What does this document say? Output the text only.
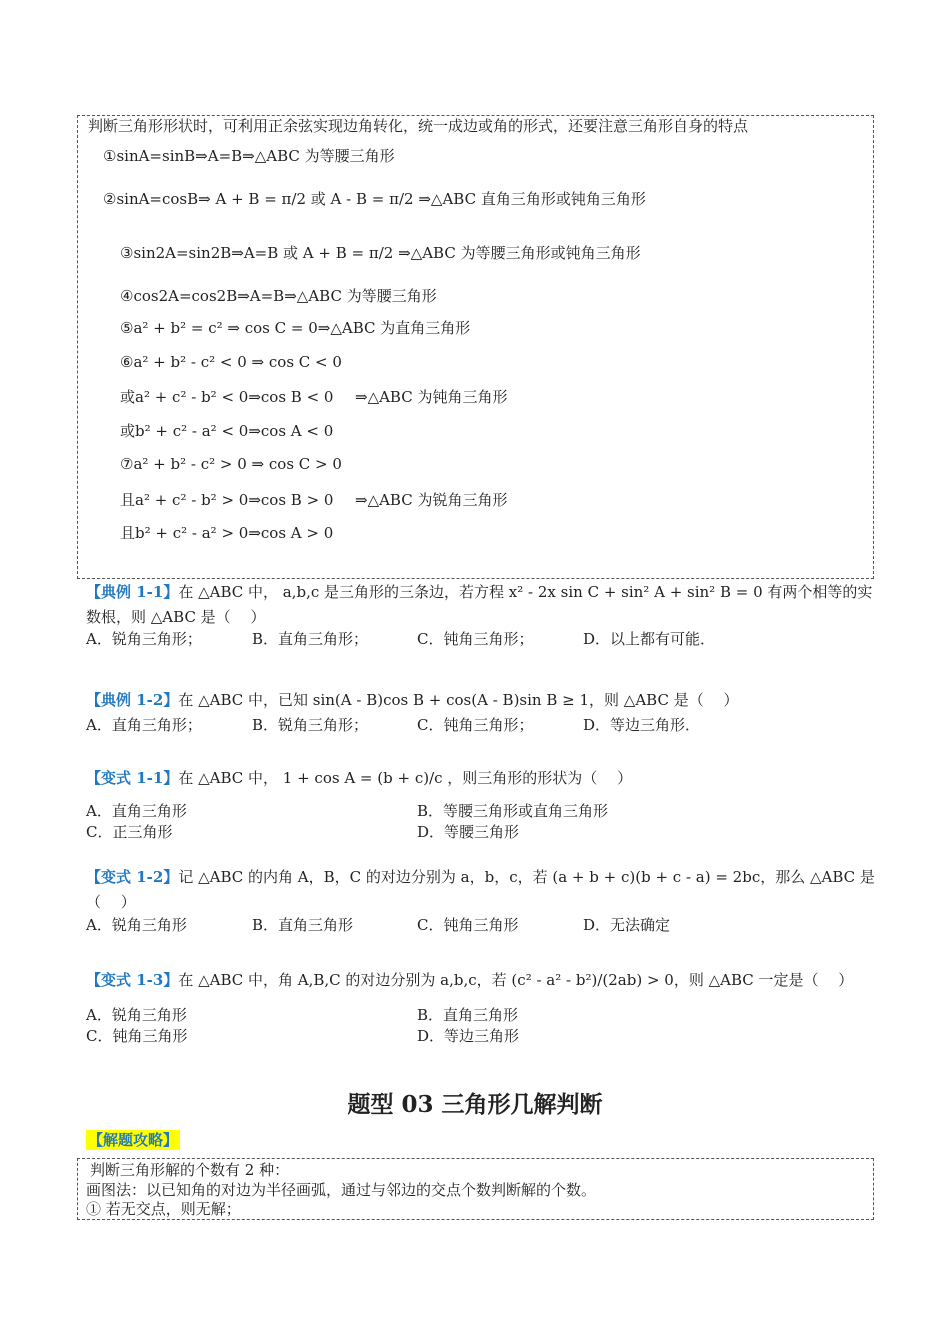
判断三角形形状时，可利用正余弦实现边角转化，统一成边或角的形式，还要注意三角形自身的特点
①sinA=sinB⇒A=B⇒△ABC 为等腰三角形
②sinA=cosB⇒ A + B = π/2 或 A - B = π/2 ⇒△ABC 直角三角形或钝角三角形
③sin2A=sin2B⇒A=B 或 A + B = π/2 ⇒△ABC 为等腰三角形或钝角三角形
④cos2A=cos2B⇒A=B⇒△ABC 为等腰三角形
⑤a² + b² = c² ⇒ cos C = 0⇒△ABC 为直角三角形
⑥a² + b² - c² < 0 ⇒ cos C < 0
或a² + c² - b² < 0⇒cos B < 0 ⇒△ABC 为钝角三角形
或b² + c² - a² < 0⇒cos A < 0
⑦a² + b² - c² > 0 ⇒ cos C > 0
且a² + c² - b² > 0⇒cos B > 0 ⇒△ABC 为锐角三角形
且b² + c² - a² > 0⇒cos A > 0
【典例 1-1】在 △ABC 中， a,b,c 是三角形的三条边，若方程 x² - 2x sin C + sin² A + sin² B = 0 有两个相等的实
数根，则 △ABC 是（　 ）
A．锐角三角形；	B．直角三角形；	C．钝角三角形；	D．以上都有可能．
【典例 1-2】在 △ABC 中，已知 sin(A - B)cos B + cos(A - B)sin B ≥ 1，则 △ABC 是（　 ）
A．直角三角形；	B．锐角三角形；	C．钝角三角形；	D．等边三角形．
【变式 1-1】在 △ABC 中， 1 + cos A = (b + c)/c ，则三角形的形状为（　 ）
A．直角三角形	B．等腰三角形或直角三角形
C．正三角形	D．等腰三角形
【变式 1-2】记 △ABC 的内角 A，B，C 的对边分别为 a，b，c，若 (a + b + c)(b + c - a) = 2bc，那么 △ABC 是
（　 ）
A．锐角三角形	B．直角三角形	C．钝角三角形	D．无法确定
【变式 1-3】在 △ABC 中，角 A,B,C 的对边分别为 a,b,c，若 (c² - a² - b²)/(2ab) > 0，则 △ABC 一定是（　 ）
A．锐角三角形	B．直角三角形
C．钝角三角形	D．等边三角形
题型 03 三角形几解判断
【解题攻略】
判断三角形解的个数有 2 种：
画图法：以已知角的对边为半径画弧，通过与邻边的交点个数判断解的个数。
① 若无交点，则无解；
